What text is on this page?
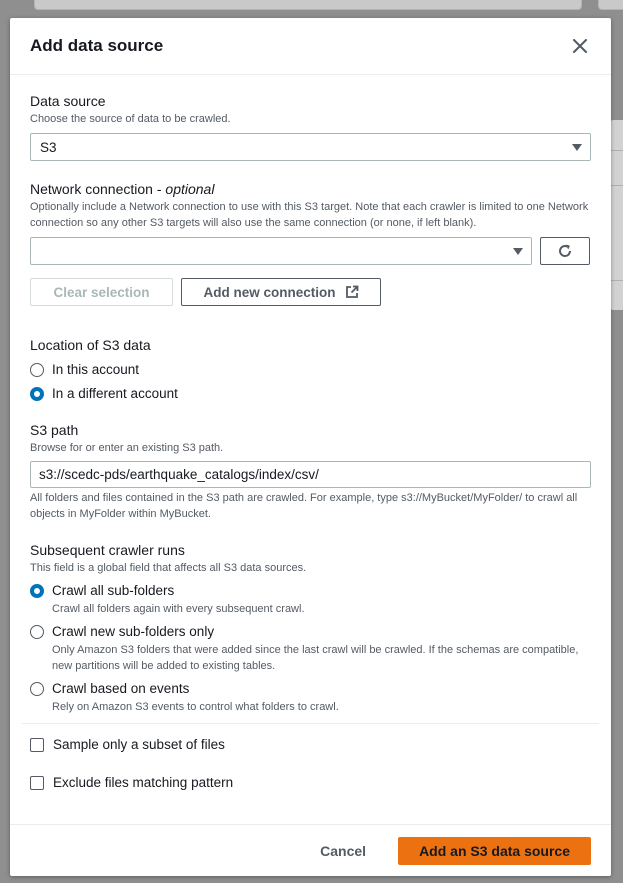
Add data source
Data source
Choose the source of data to be crawled.
S3
Network connection - optional
Optionally include a Network connection to use with this S3 target. Note that each crawler is limited to one Network connection so any other S3 targets will also use the same connection (or none, if left blank).
Clear selection	Add new connection
Location of S3 data
In this account
In a different account
S3 path
Browse for or enter an existing S3 path.
s3://scedc-pds/earthquake_catalogs/index/csv/
All folders and files contained in the S3 path are crawled. For example, type s3://MyBucket/MyFolder/ to crawl all objects in MyFolder within MyBucket.
Subsequent crawler runs
This field is a global field that affects all S3 data sources.
Crawl all sub-folders
Crawl all folders again with every subsequent crawl.
Crawl new sub-folders only
Only Amazon S3 folders that were added since the last crawl will be crawled. If the schemas are compatible, new partitions will be added to existing tables.
Crawl based on events
Rely on Amazon S3 events to control what folders to crawl.
Sample only a subset of files
Exclude files matching pattern
Cancel	Add an S3 data source
